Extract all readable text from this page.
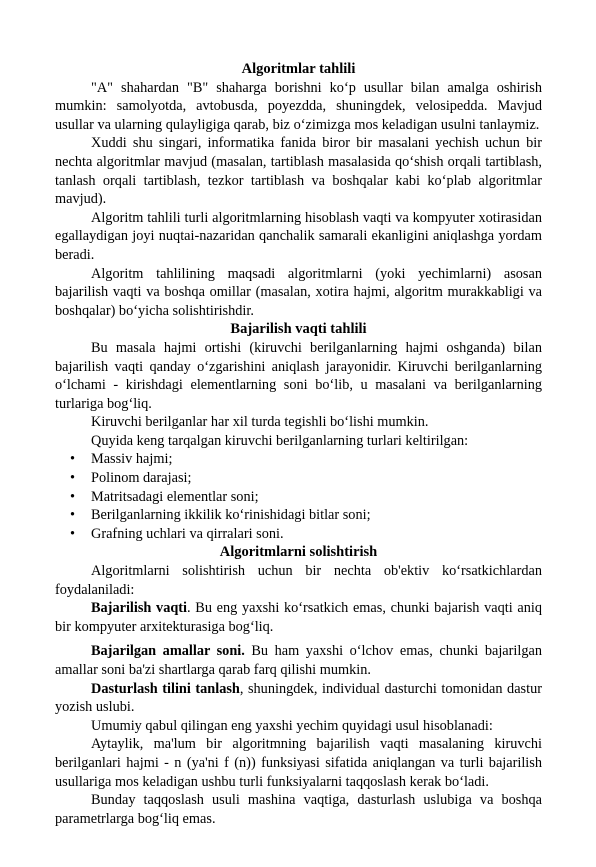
Algoritmlar tahlili

"A" shahardan "B" shaharga borishni ko‘p usullar bilan amalga oshirish mumkin: samolyotda, avtobusda, poyezdda, shuningdek, velosipedda. Mavjud usullar va ularning qulayligiga qarab, biz o‘zimizga mos keladigan usulni tanlaymiz.

Xuddi shu singari, informatika fanida biror bir masalani yechish uchun bir nechta algoritmlar mavjud (masalan, tartiblash masalasida qo‘shish orqali tartiblash, tanlash orqali tartiblash, tezkor tartiblash va boshqalar kabi ko‘plab algoritmlar mavjud).

Algoritm tahlili turli algoritmlarning hisoblash vaqti va kompyuter xotirasidan egallaydigan joyi nuqtai-nazaridan qanchalik samarali ekanligini aniqlashga yordam beradi.

Algoritm tahlilining maqsadi algoritmlarni (yoki yechimlarni) asosan bajarilish vaqti va boshqa omillar (masalan, xotira hajmi, algoritm murakkabligi va boshqalar) bo‘yicha solishtirishdir.

Bajarilish vaqti tahlili

Bu masala hajmi ortishi (kiruvchi berilganlarning hajmi oshganda) bilan bajarilish vaqti qanday o‘zgarishini aniqlash jarayonidir. Kiruvchi berilganlarning o‘lchami - kirishdagi elementlarning soni bo‘lib, u masalani va berilganlarning turlariga bog‘liq.

Kiruvchi berilganlar har xil turda tegishli bo‘lishi mumkin.

Quyida keng tarqalgan kiruvchi berilganlarning turlari keltirilgan:

• Massiv hajmi;
• Polinom darajasi;
• Matritsadagi elementlar soni;
• Berilganlarning ikkilik ko‘rinishidagi bitlar soni;
• Grafning uchlari va qirralari soni.
Algoritmlarni solishtirish

Algoritmlarni solishtirish uchun bir nechta ob'ektiv ko‘rsatkichlardan foydalaniladi:

Bajarilish vaqti. Bu eng yaxshi ko‘rsatkich emas, chunki bajarish vaqti aniq bir kompyuter arxitekturasiga bog‘liq.

Bajarilgan amallar soni. Bu ham yaxshi o‘lchov emas, chunki bajarilgan amallar soni ba'zi shartlarga qarab farq qilishi mumkin.

Dasturlash tilini tanlash, shuningdek, individual dasturchi tomonidan dastur yozish uslubi.

Umumiy qabul qilingan eng yaxshi yechim quyidagi usul hisoblanadi:

Aytaylik, ma'lum bir algoritmning bajarilish vaqti masalaning kiruvchi berilganlari hajmi - n (ya'ni f (n)) funksiyasi sifatida aniqlangan va turli bajarilish usullariga mos keladigan ushbu turli funksiyalarni taqqoslash kerak bo‘ladi.

Bunday taqqoslash usuli mashina vaqtiga, dasturlash uslubiga va boshqa parametrlarga bog‘liq emas.
